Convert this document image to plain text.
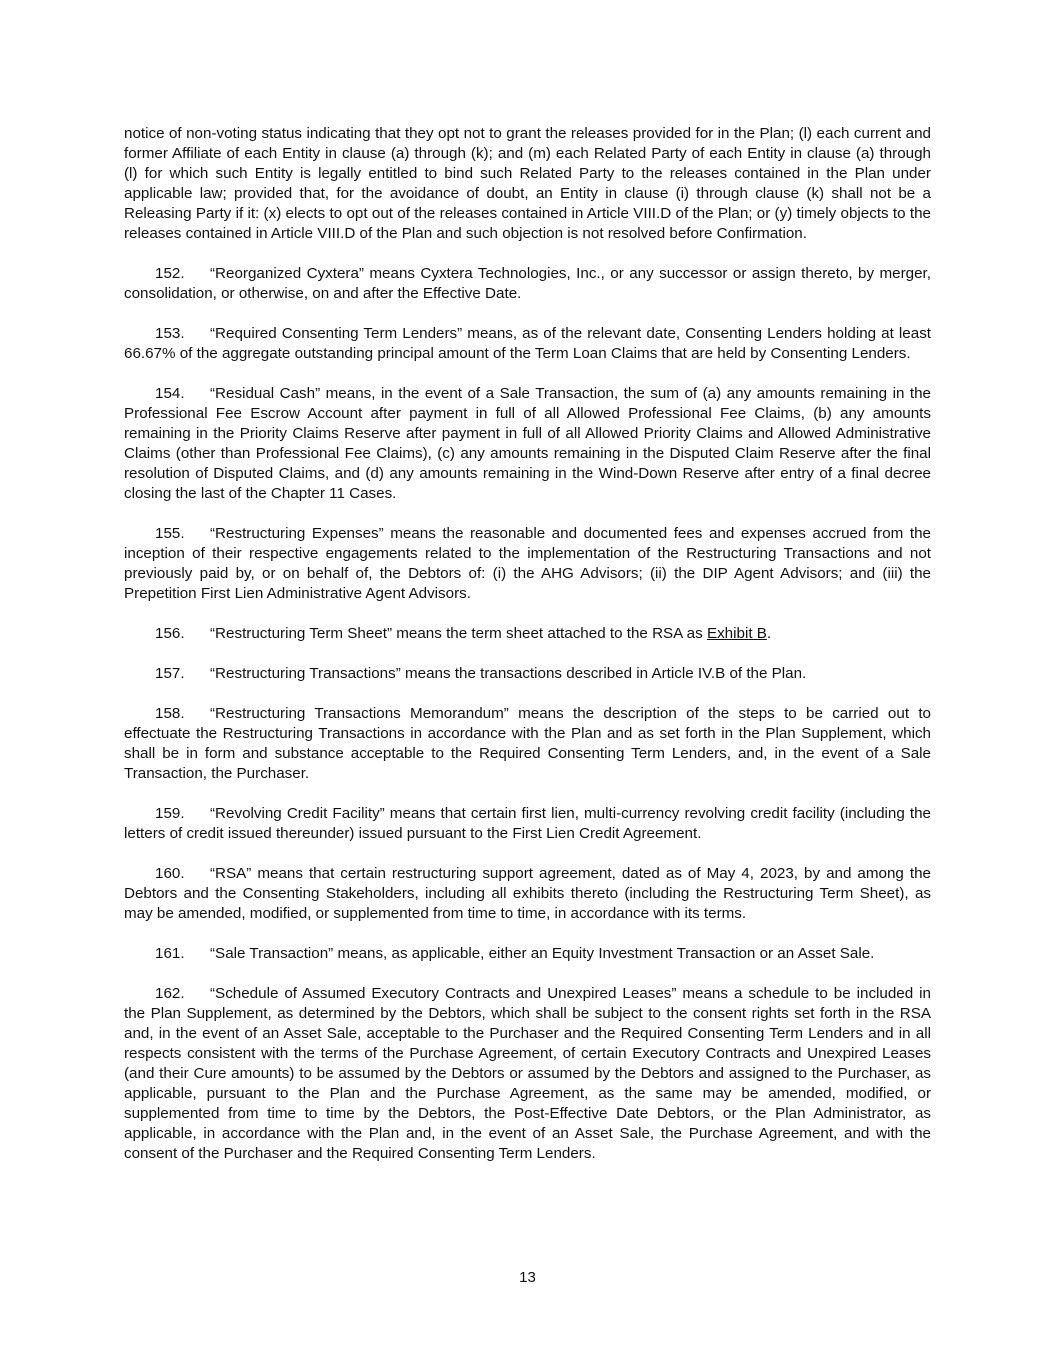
notice of non-voting status indicating that they opt not to grant the releases provided for in the Plan; (l) each current and former Affiliate of each Entity in clause (a) through (k); and (m) each Related Party of each Entity in clause (a) through (l) for which such Entity is legally entitled to bind such Related Party to the releases contained in the Plan under applicable law; provided that, for the avoidance of doubt, an Entity in clause (i) through clause (k) shall not be a Releasing Party if it: (x) elects to opt out of the releases contained in Article VIII.D of the Plan; or (y) timely objects to the releases contained in Article VIII.D of the Plan and such objection is not resolved before Confirmation.

152. “Reorganized Cyxtera” means Cyxtera Technologies, Inc., or any successor or assign thereto, by merger, consolidation, or otherwise, on and after the Effective Date.

153. “Required Consenting Term Lenders” means, as of the relevant date, Consenting Lenders holding at least 66.67% of the aggregate outstanding principal amount of the Term Loan Claims that are held by Consenting Lenders.

154. “Residual Cash” means, in the event of a Sale Transaction, the sum of (a) any amounts remaining in the Professional Fee Escrow Account after payment in full of all Allowed Professional Fee Claims, (b) any amounts remaining in the Priority Claims Reserve after payment in full of all Allowed Priority Claims and Allowed Administrative Claims (other than Professional Fee Claims), (c) any amounts remaining in the Disputed Claim Reserve after the final resolution of Disputed Claims, and (d) any amounts remaining in the Wind-Down Reserve after entry of a final decree closing the last of the Chapter 11 Cases.

155. “Restructuring Expenses” means the reasonable and documented fees and expenses accrued from the inception of their respective engagements related to the implementation of the Restructuring Transactions and not previously paid by, or on behalf of, the Debtors of: (i) the AHG Advisors; (ii) the DIP Agent Advisors; and (iii) the Prepetition First Lien Administrative Agent Advisors.

156. “Restructuring Term Sheet” means the term sheet attached to the RSA as Exhibit B.

157. “Restructuring Transactions” means the transactions described in Article IV.B of the Plan.

158. “Restructuring Transactions Memorandum” means the description of the steps to be carried out to effectuate the Restructuring Transactions in accordance with the Plan and as set forth in the Plan Supplement, which shall be in form and substance acceptable to the Required Consenting Term Lenders, and, in the event of a Sale Transaction, the Purchaser.

159. “Revolving Credit Facility” means that certain first lien, multi-currency revolving credit facility (including the letters of credit issued thereunder) issued pursuant to the First Lien Credit Agreement.

160. “RSA” means that certain restructuring support agreement, dated as of May 4, 2023, by and among the Debtors and the Consenting Stakeholders, including all exhibits thereto (including the Restructuring Term Sheet), as may be amended, modified, or supplemented from time to time, in accordance with its terms.

161. “Sale Transaction” means, as applicable, either an Equity Investment Transaction or an Asset Sale.

162. “Schedule of Assumed Executory Contracts and Unexpired Leases” means a schedule to be included in the Plan Supplement, as determined by the Debtors, which shall be subject to the consent rights set forth in the RSA and, in the event of an Asset Sale, acceptable to the Purchaser and the Required Consenting Term Lenders and in all respects consistent with the terms of the Purchase Agreement, of certain Executory Contracts and Unexpired Leases (and their Cure amounts) to be assumed by the Debtors or assumed by the Debtors and assigned to the Purchaser, as applicable, pursuant to the Plan and the Purchase Agreement, as the same may be amended, modified, or supplemented from time to time by the Debtors, the Post-Effective Date Debtors, or the Plan Administrator, as applicable, in accordance with the Plan and, in the event of an Asset Sale, the Purchase Agreement, and with the consent of the Purchaser and the Required Consenting Term Lenders.

13
